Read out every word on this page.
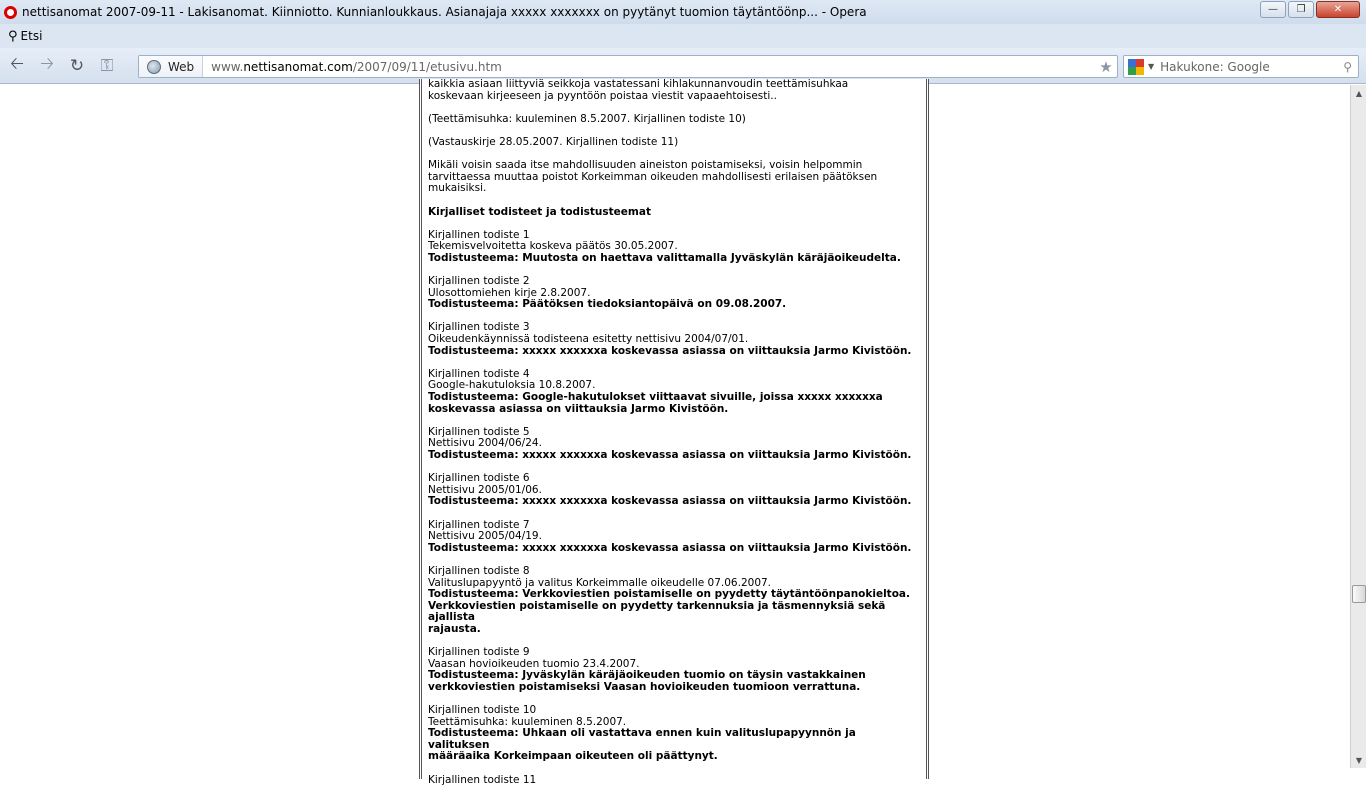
nettisanomat 2007-09-11 - Lakisanomat. Kiinniotto. Kunnianloukkaus. Asianajaja xxxxx xxxxxxx on pyytänyt tuomion täytäntöönp... - Opera	—	❐	✕
⚲ Etsi
🡠 🡢 ↻ ⚿	Web www.nettisanomat.com/2007/09/11/etusivu.htm	★	▼ Hakukone: Google	⚲

kaikkia asiaan liittyviä seikkoja vastatessani kihlakunnanvoudin teettämisuhkaa
koskevaan kirjeeseen ja pyyntöön poistaa viestit vapaaehtoisesti..

(Teettämisuhka: kuuleminen 8.5.2007. Kirjallinen todiste 10)

(Vastauskirje 28.05.2007. Kirjallinen todiste 11)

Mikäli voisin saada itse mahdollisuuden aineiston poistamiseksi, voisin helpommin
tarvittaessa muuttaa poistot Korkeimman oikeuden mahdollisesti erilaisen päätöksen
mukaisiksi.

Kirjalliset todisteet ja todistusteemat

Kirjallinen todiste 1
Tekemisvelvoitetta koskeva päätös 30.05.2007.
Todistusteema: Muutosta on haettava valittamalla Jyväskylän käräjäoikeudelta.

Kirjallinen todiste 2
Ulosottomiehen kirje 2.8.2007.
Todistusteema: Päätöksen tiedoksiantopäivä on 09.08.2007.

Kirjallinen todiste 3
Oikeudenkäynnissä todisteena esitetty nettisivu 2004/07/01.
Todistusteema: xxxxx xxxxxxa koskevassa asiassa on viittauksia Jarmo Kivistöön.

Kirjallinen todiste 4
Google-hakutuloksia 10.8.2007.
Todistusteema: Google-hakutulokset viittaavat sivuille, joissa xxxxx xxxxxxa
koskevassa asiassa on viittauksia Jarmo Kivistöön.

Kirjallinen todiste 5
Nettisivu 2004/06/24.
Todistusteema: xxxxx xxxxxxa koskevassa asiassa on viittauksia Jarmo Kivistöön.

Kirjallinen todiste 6
Nettisivu 2005/01/06.
Todistusteema: xxxxx xxxxxxa koskevassa asiassa on viittauksia Jarmo Kivistöön.

Kirjallinen todiste 7
Nettisivu 2005/04/19.
Todistusteema: xxxxx xxxxxxa koskevassa asiassa on viittauksia Jarmo Kivistöön.

Kirjallinen todiste 8
Valituslupapyyntö ja valitus Korkeimmalle oikeudelle 07.06.2007.
Todistusteema: Verkkoviestien poistamiselle on pyydetty täytäntöönpanokieltoa.
Verkkoviestien poistamiselle on pyydetty tarkennuksia ja täsmennyksiä sekä ajallista
rajausta.

Kirjallinen todiste 9
Vaasan hovioikeuden tuomio 23.4.2007.
Todistusteema: Jyväskylän käräjäoikeuden tuomio on täysin vastakkainen
verkkoviestien poistamiseksi Vaasan hovioikeuden tuomioon verrattuna.

Kirjallinen todiste 10
Teettämisuhka: kuuleminen 8.5.2007.
Todistusteema: Uhkaan oli vastattava ennen kuin valituslupapyynnön ja valituksen
määräaika Korkeimpaan oikeuteen oli päättynyt.

Kirjallinen todiste 11

▲
▼
